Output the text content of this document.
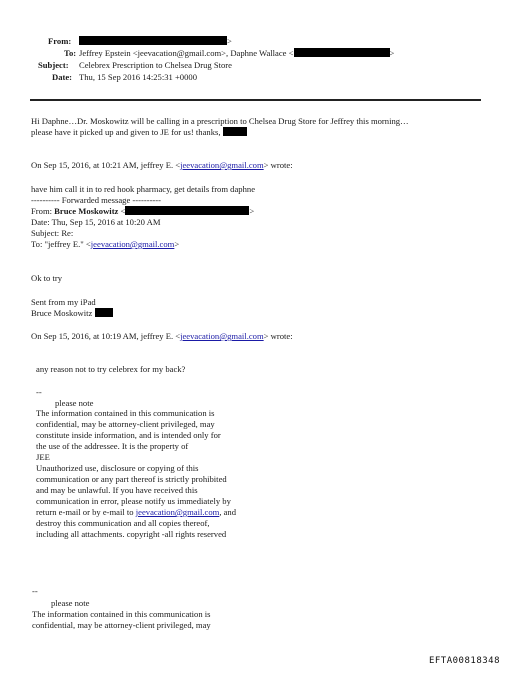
From:	>
To: Jeffrey Epstein <jeevacation@gmail.com>, Daphne Wallace <	>
Subject: Celebrex Prescription to Chelsea Drug Store
Date: Thu, 15 Sep 2016 14:25:31 +0000
Hi Daphne…Dr. Moskowitz will be calling in a prescription to Chelsea Drug Store for Jeffrey this morning…
please have it picked up and given to JE for us! thanks,
On Sep 15, 2016, at 10:21 AM, jeffrey E. <jeevacation@gmail.com> wrote:
have him call it in to red hook pharmacy, get details from daphne
---------- Forwarded message ----------
From: Bruce Moskowitz <	>
Date: Thu, Sep 15, 2016 at 10:20 AM
Subject: Re:
To: "jeffrey E." <jeevacation@gmail.com>
Ok to try
Sent from my iPad
Bruce Moskowitz
On Sep 15, 2016, at 10:19 AM, jeffrey E. <jeevacation@gmail.com> wrote:
any reason not to try celebrex for my back?
--
please note
The information contained in this communication is
confidential, may be attorney-client privileged, may
constitute inside information, and is intended only for
the use of the addressee. It is the property of
JEE
Unauthorized use, disclosure or copying of this
communication or any part thereof is strictly prohibited
and may be unlawful. If you have received this
communication in error, please notify us immediately by
return e-mail or by e-mail to jeevacation@gmail.com, and
destroy this communication and all copies thereof,
including all attachments. copyright -all rights reserved
--
please note
The information contained in this communication is
confidential, may be attorney-client privileged, may
EFTA00818348
